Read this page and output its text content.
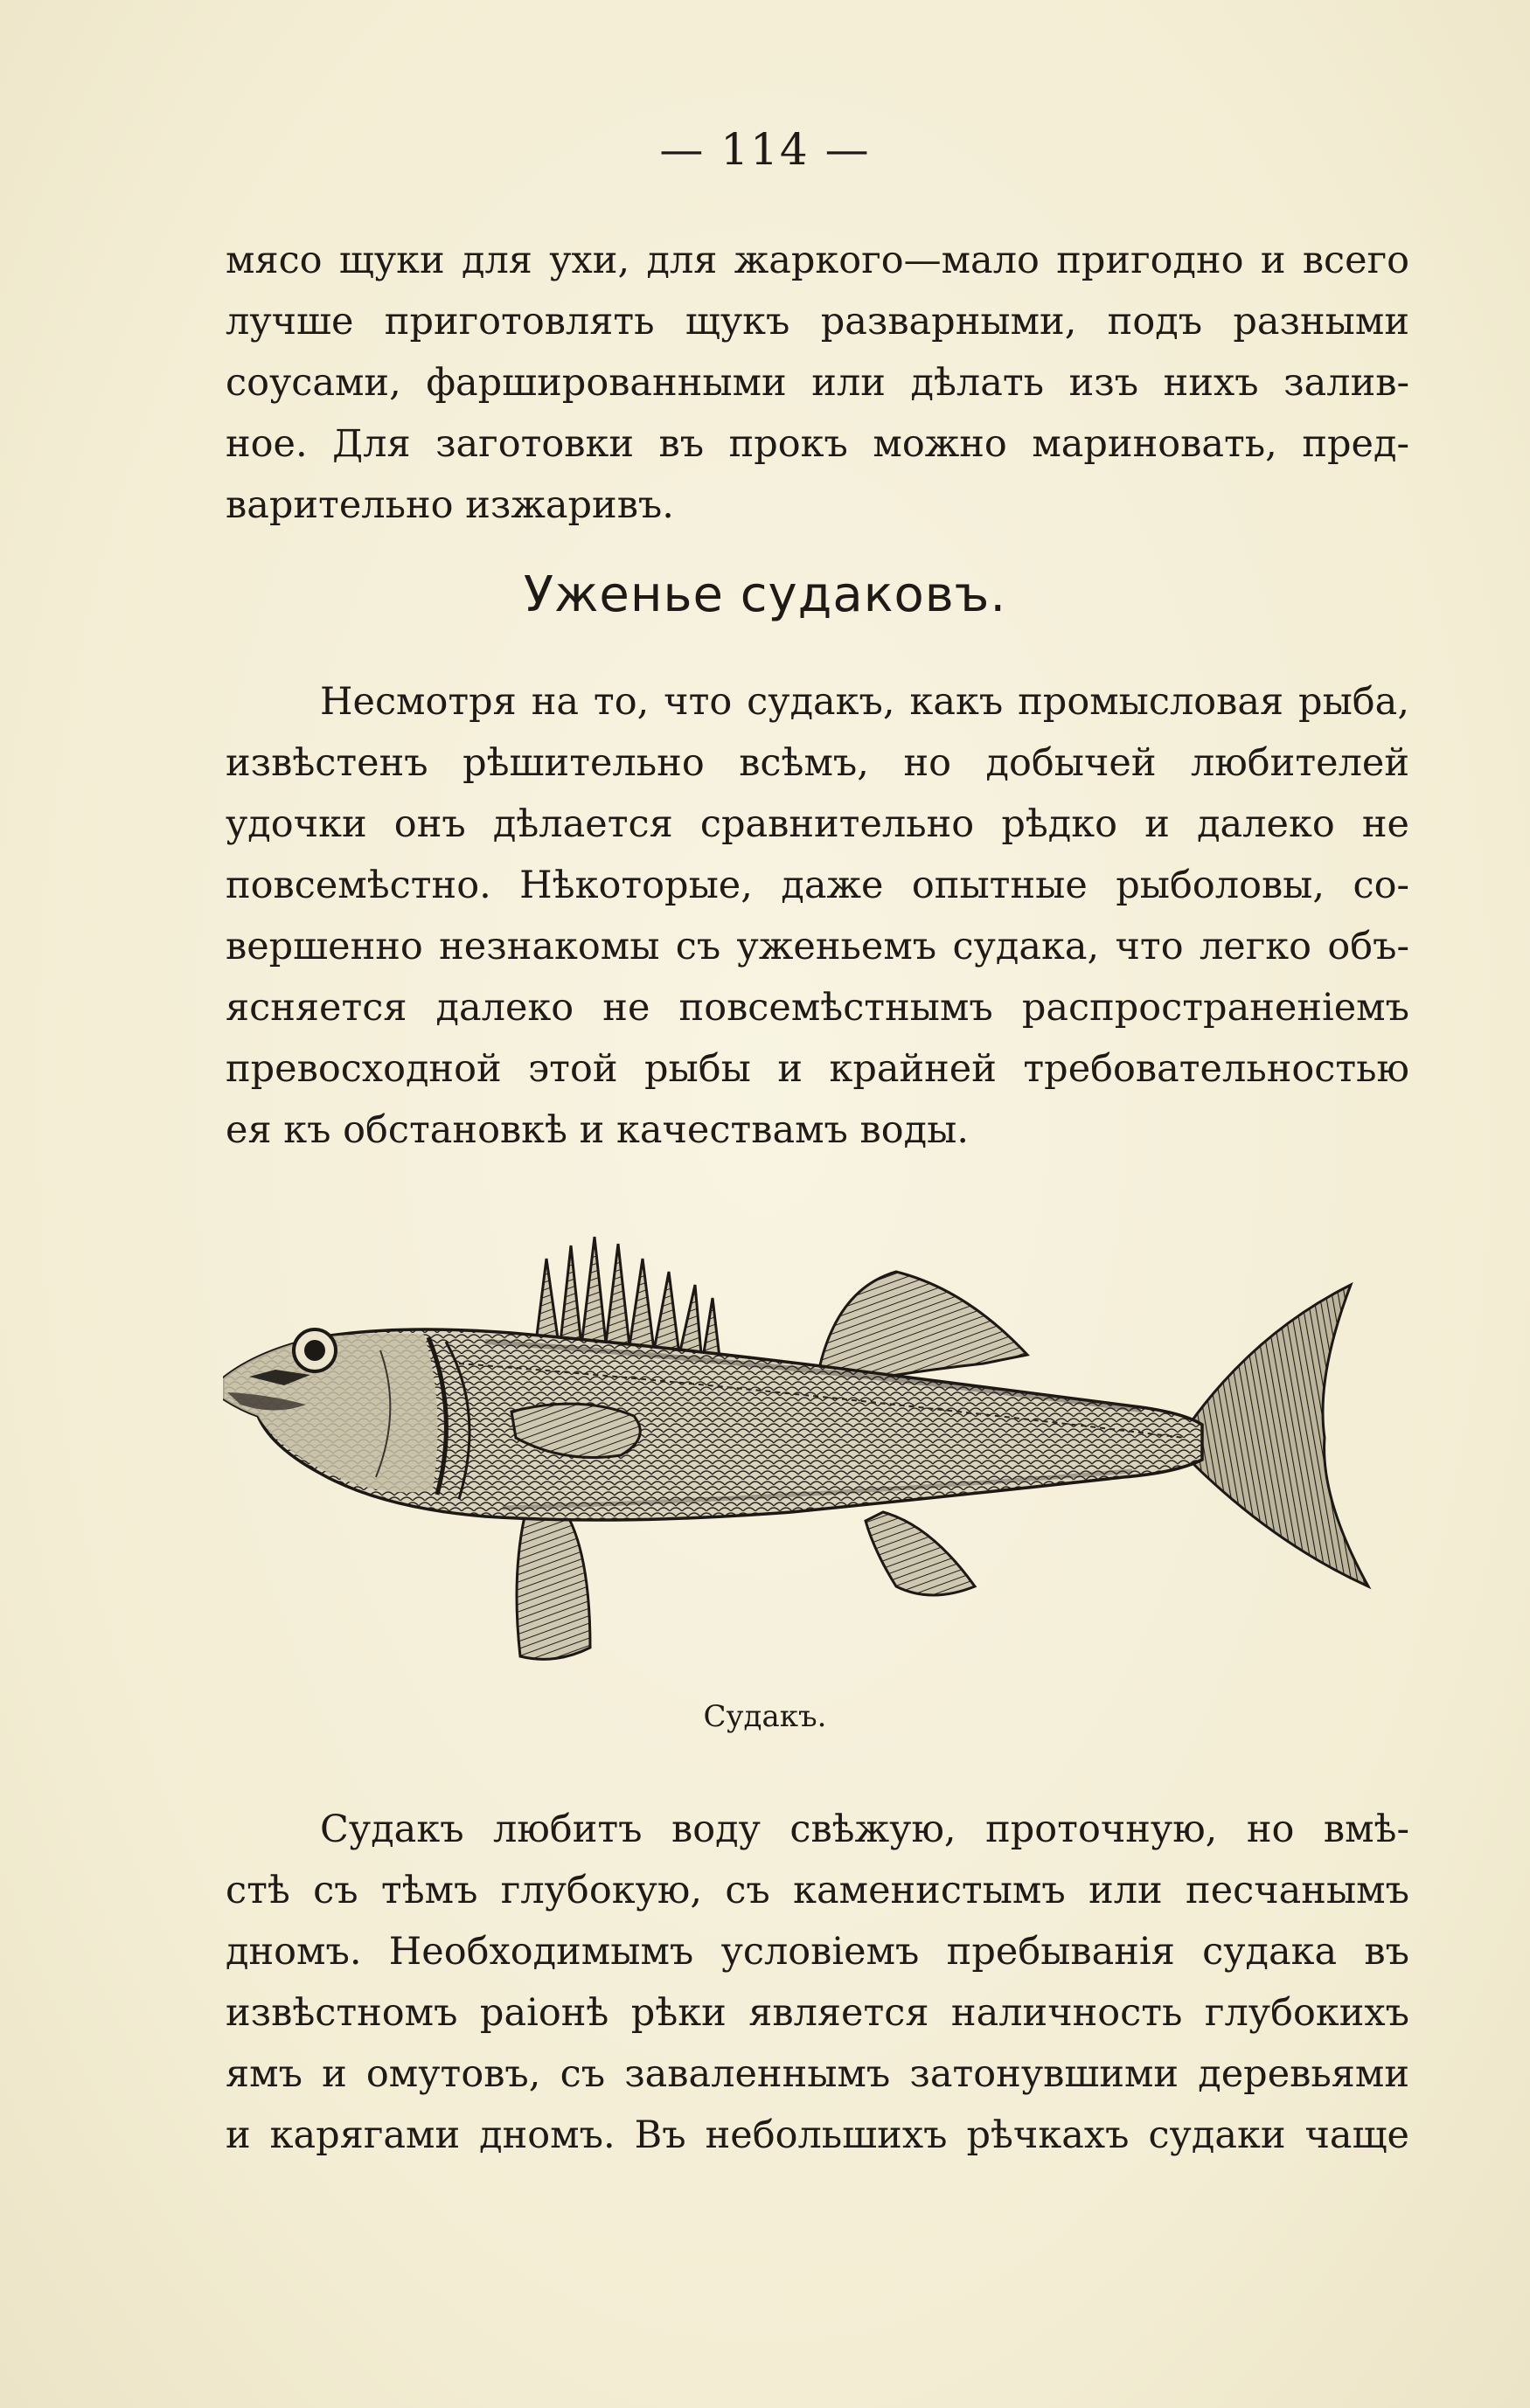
— 114 —
мясо щуки для ухи, для жаркого—мало пригодно и всего
лучше приготовлять щукъ разварными, подъ разными
соусами, фаршированными или дѣлать изъ нихъ залив-
ное. Для заготовки въ прокъ можно мариновать, пред-
варительно изжаривъ.
Уженье судаковъ.
Несмотря на то, что судакъ, какъ промысловая рыба,
извѣстенъ рѣшительно всѣмъ, но добычей любителей
удочки онъ дѣлается сравнительно рѣдко и далеко не
повсемѣстно. Нѣкоторые, даже опытные рыболовы, со-
вершенно незнакомы съ уженьемъ судака, что легко объ-
ясняется далеко не повсемѣстнымъ распространеніемъ
превосходной этой рыбы и крайней требовательностью
ея къ обстановкѣ и качествамъ воды.
Судакъ.
Судакъ любитъ воду свѣжую, проточную, но вмѣ-
стѣ съ тѣмъ глубокую, съ каменистымъ или песчанымъ
дномъ. Необходимымъ условіемъ пребыванія судака въ
извѣстномъ раіонѣ рѣки является наличность глубокихъ
ямъ и омутовъ, съ заваленнымъ затонувшими деревьями
и карягами дномъ. Въ небольшихъ рѣчкахъ судаки чаще
